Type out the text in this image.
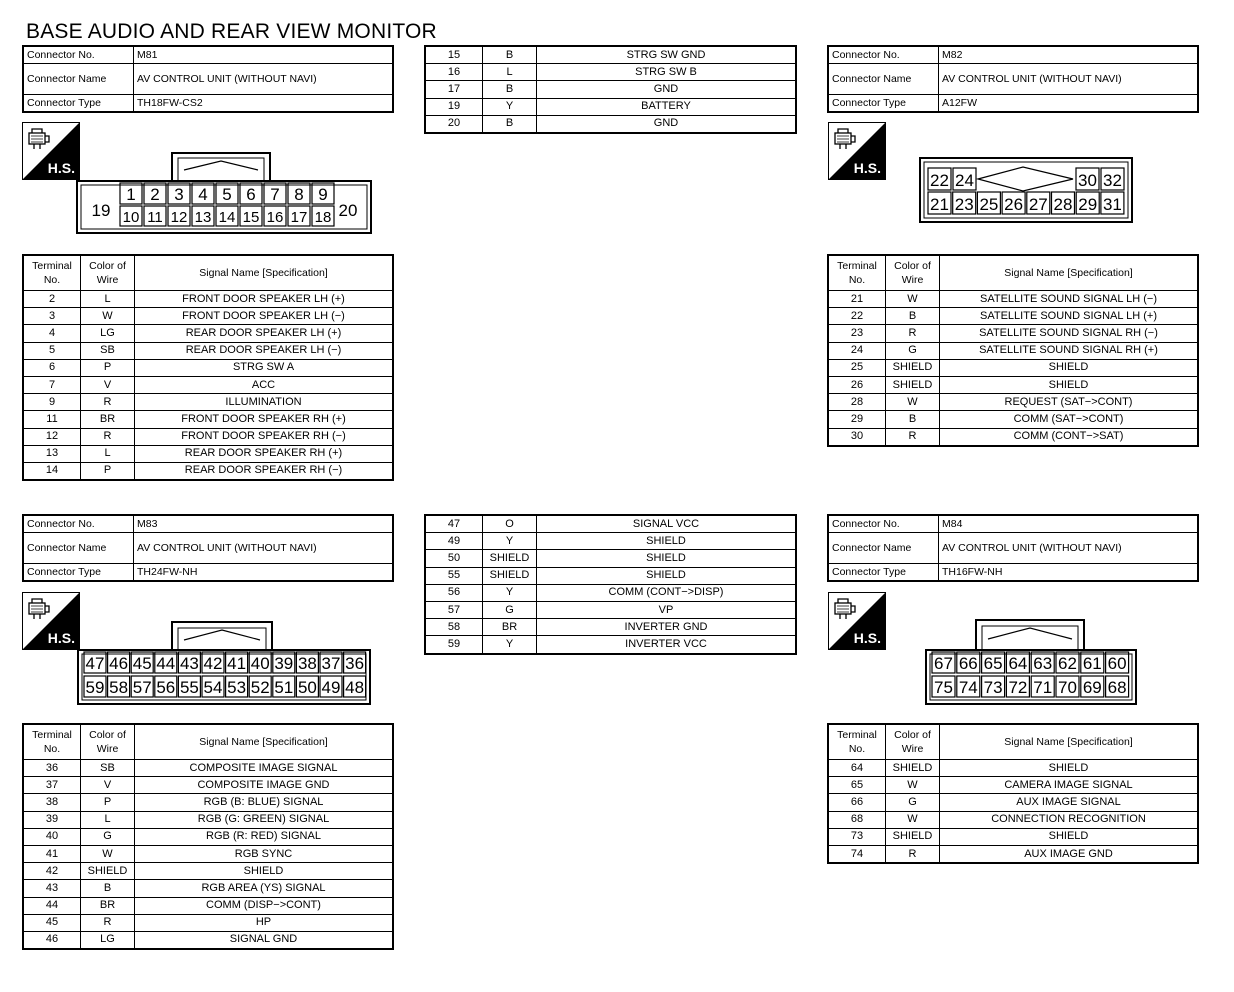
BASE AUDIO AND REAR VIEW MONITOR
Connector No.	M81
Connector Name	AV CONTROL UNIT (WITHOUT NAVI)
Connector Type	TH18FW-CS2
15	B	STRG SW GND
16	L	STRG SW B
17	B	GND
19	Y	BATTERY
20	B	GND
Connector No.	M82
Connector Name	AV CONTROL UNIT (WITHOUT NAVI)
Connector Type	A12FW
H.S.	H.S.
H.S.	H.S.
19	20
1 2 3 4 5 6 7 8 9
10 11 12 13 14 15 16 17 18
22 24	30 32
21 23 25 26 27 28 29 31
Terminal No.	Color of Wire	Signal Name [Specification]
2	L	FRONT DOOR SPEAKER LH (+)
3	W	FRONT DOOR SPEAKER LH (−)
4	LG	REAR DOOR SPEAKER LH (+)
5	SB	REAR DOOR SPEAKER LH (−)
6	P	STRG SW A
7	V	ACC
9	R	ILLUMINATION
11	BR	FRONT DOOR SPEAKER RH (+)
12	R	FRONT DOOR SPEAKER RH (−)
13	L	REAR DOOR SPEAKER RH (+)
14	P	REAR DOOR SPEAKER RH (−)
Terminal No.	Color of Wire	Signal Name [Specification]
21	W	SATELLITE SOUND SIGNAL LH (−)
22	B	SATELLITE SOUND SIGNAL LH (+)
23	R	SATELLITE SOUND SIGNAL RH (−)
24	G	SATELLITE SOUND SIGNAL RH (+)
25	SHIELD	SHIELD
26	SHIELD	SHIELD
28	W	REQUEST (SAT−>CONT)
29	B	COMM (SAT−>CONT)
30	R	COMM (CONT−>SAT)
Connector No.	M83
Connector Name	AV CONTROL UNIT (WITHOUT NAVI)
Connector Type	TH24FW-NH
47	O	SIGNAL VCC
49	Y	SHIELD
50	SHIELD	SHIELD
55	SHIELD	SHIELD
56	Y	COMM (CONT−>DISP)
57	G	VP
58	BR	INVERTER GND
59	Y	INVERTER VCC
Connector No.	M84
Connector Name	AV CONTROL UNIT (WITHOUT NAVI)
Connector Type	TH16FW-NH
47 46 45 44 43 42 41 40 39 38 37 36
59 58 57 56 55 54 53 52 51 50 49 48
67 66 65 64 63 62 61 60
75 74 73 72 71 70 69 68
Terminal No.	Color of Wire	Signal Name [Specification]
36	SB	COMPOSITE IMAGE SIGNAL
37	V	COMPOSITE IMAGE GND
38	P	RGB (B: BLUE) SIGNAL
39	L	RGB (G: GREEN) SIGNAL
40	G	RGB (R: RED) SIGNAL
41	W	RGB SYNC
42	SHIELD	SHIELD
43	B	RGB AREA (YS) SIGNAL
44	BR	COMM (DISP−>CONT)
45	R	HP
46	LG	SIGNAL GND
Terminal No.	Color of Wire	Signal Name [Specification]
64	SHIELD	SHIELD
65	W	CAMERA IMAGE SIGNAL
66	G	AUX IMAGE SIGNAL
68	W	CONNECTION RECOGNITION
73	SHIELD	SHIELD
74	R	AUX IMAGE GND
